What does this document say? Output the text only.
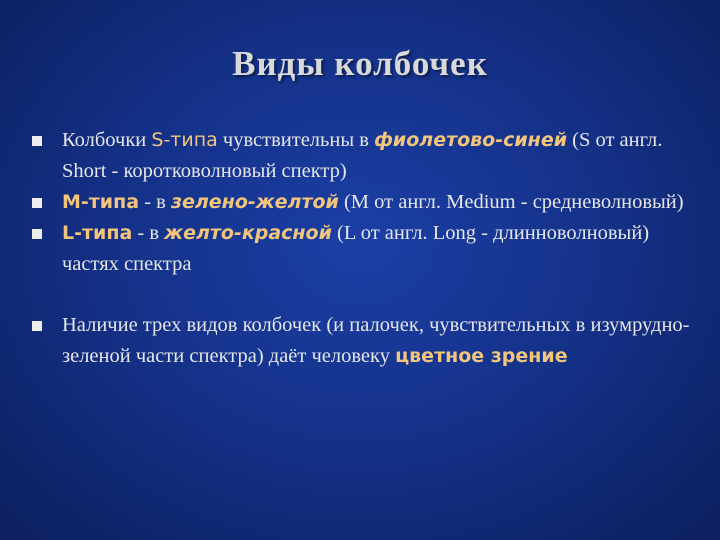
Виды колбочек
Колбочки S-типа чувствительны в фиолетово-синей (S от англ. Short - коротковолновый спектр)
М-типа - в зелено-желтой (M от англ. Medium - средневолновый)
L-типа - в желто-красной (L от англ. Long - длинноволновый) частях спектра
Наличие трех видов колбочек (и палочек, чувствительных в изумрудно-зеленой части спектра) даёт человеку цветное зрение
